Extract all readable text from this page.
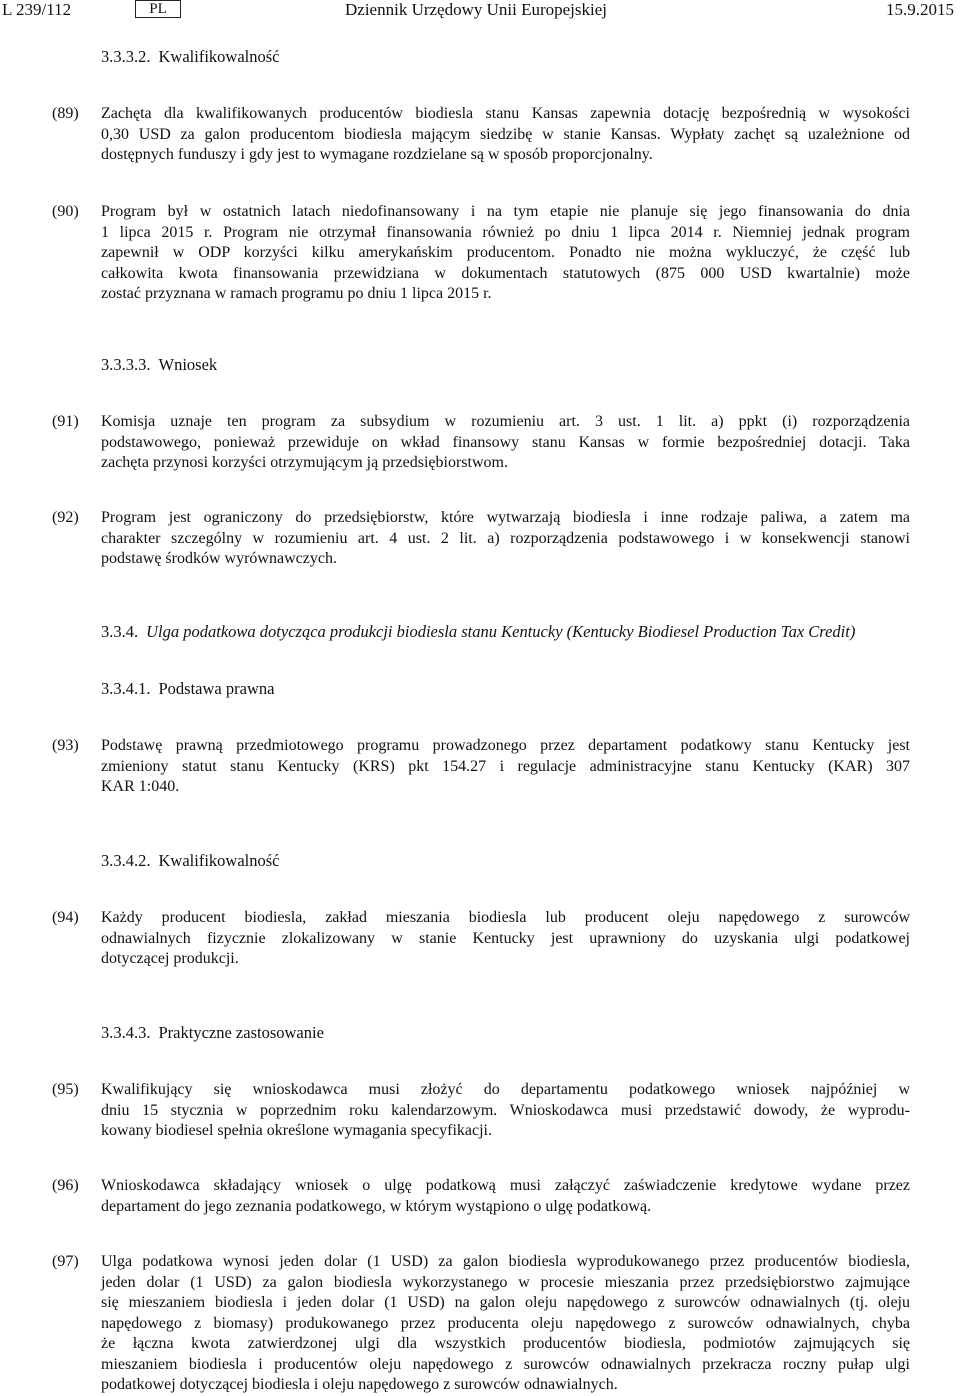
L 239/112	PL	Dziennik Urzędowy Unii Europejskiej	15.9.2015
3.3.3.2. Kwalifikowalność
(89) Zachęta dla kwalifikowanych producentów biodiesla stanu Kansas zapewnia dotację bezpośrednią w wysokości
0,30 USD za galon producentom biodiesla mającym siedzibę w stanie Kansas. Wypłaty zachęt są uzależnione od
dostępnych funduszy i gdy jest to wymagane rozdzielane są w sposób proporcjonalny.
(90) Program był w ostatnich latach niedofinansowany i na tym etapie nie planuje się jego finansowania do dnia
1 lipca 2015 r. Program nie otrzymał finansowania również po dniu 1 lipca 2014 r. Niemniej jednak program
zapewnił w ODP korzyści kilku amerykańskim producentom. Ponadto nie można wykluczyć, że część lub
całkowita kwota finansowania przewidziana w dokumentach statutowych (875 000 USD kwartalnie) może
zostać przyznana w ramach programu po dniu 1 lipca 2015 r.
3.3.3.3. Wniosek
(91) Komisja uznaje ten program za subsydium w rozumieniu art. 3 ust. 1 lit. a) ppkt (i) rozporządzenia
podstawowego, ponieważ przewiduje on wkład finansowy stanu Kansas w formie bezpośredniej dotacji. Taka
zachęta przynosi korzyści otrzymującym ją przedsiębiorstwom.
(92) Program jest ograniczony do przedsiębiorstw, które wytwarzają biodiesla i inne rodzaje paliwa, a zatem ma
charakter szczególny w rozumieniu art. 4 ust. 2 lit. a) rozporządzenia podstawowego i w konsekwencji stanowi
podstawę środków wyrównawczych.
3.3.4. Ulga podatkowa dotycząca produkcji biodiesla stanu Kentucky (Kentucky Biodiesel Production Tax Credit)
3.3.4.1. Podstawa prawna
(93) Podstawę prawną przedmiotowego programu prowadzonego przez departament podatkowy stanu Kentucky jest
zmieniony statut stanu Kentucky (KRS) pkt 154.27 i regulacje administracyjne stanu Kentucky (KAR) 307
KAR 1:040.
3.3.4.2. Kwalifikowalność
(94) Każdy producent biodiesla, zakład mieszania biodiesla lub producent oleju napędowego z surowców
odnawialnych fizycznie zlokalizowany w stanie Kentucky jest uprawniony do uzyskania ulgi podatkowej
dotyczącej produkcji.
3.3.4.3. Praktyczne zastosowanie
(95) Kwalifikujący się wnioskodawca musi złożyć do departamentu podatkowego wniosek najpóźniej w
dniu 15 stycznia w poprzednim roku kalendarzowym. Wnioskodawca musi przedstawić dowody, że wyprodu-
kowany biodiesel spełnia określone wymagania specyfikacji.
(96) Wnioskodawca składający wniosek o ulgę podatkową musi załączyć zaświadczenie kredytowe wydane przez
departament do jego zeznania podatkowego, w którym wystąpiono o ulgę podatkową.
(97) Ulga podatkowa wynosi jeden dolar (1 USD) za galon biodiesla wyprodukowanego przez producentów biodiesla,
jeden dolar (1 USD) za galon biodiesla wykorzystanego w procesie mieszania przez przedsiębiorstwo zajmujące
się mieszaniem biodiesla i jeden dolar (1 USD) na galon oleju napędowego z surowców odnawialnych (tj. oleju
napędowego z biomasy) produkowanego przez producenta oleju napędowego z surowców odnawialnych, chyba
że łączna kwota zatwierdzonej ulgi dla wszystkich producentów biodiesla, podmiotów zajmujących się
mieszaniem biodiesla i producentów oleju napędowego z surowców odnawialnych przekracza roczny pułap ulgi
podatkowej dotyczącej biodiesla i oleju napędowego z surowców odnawialnych.
